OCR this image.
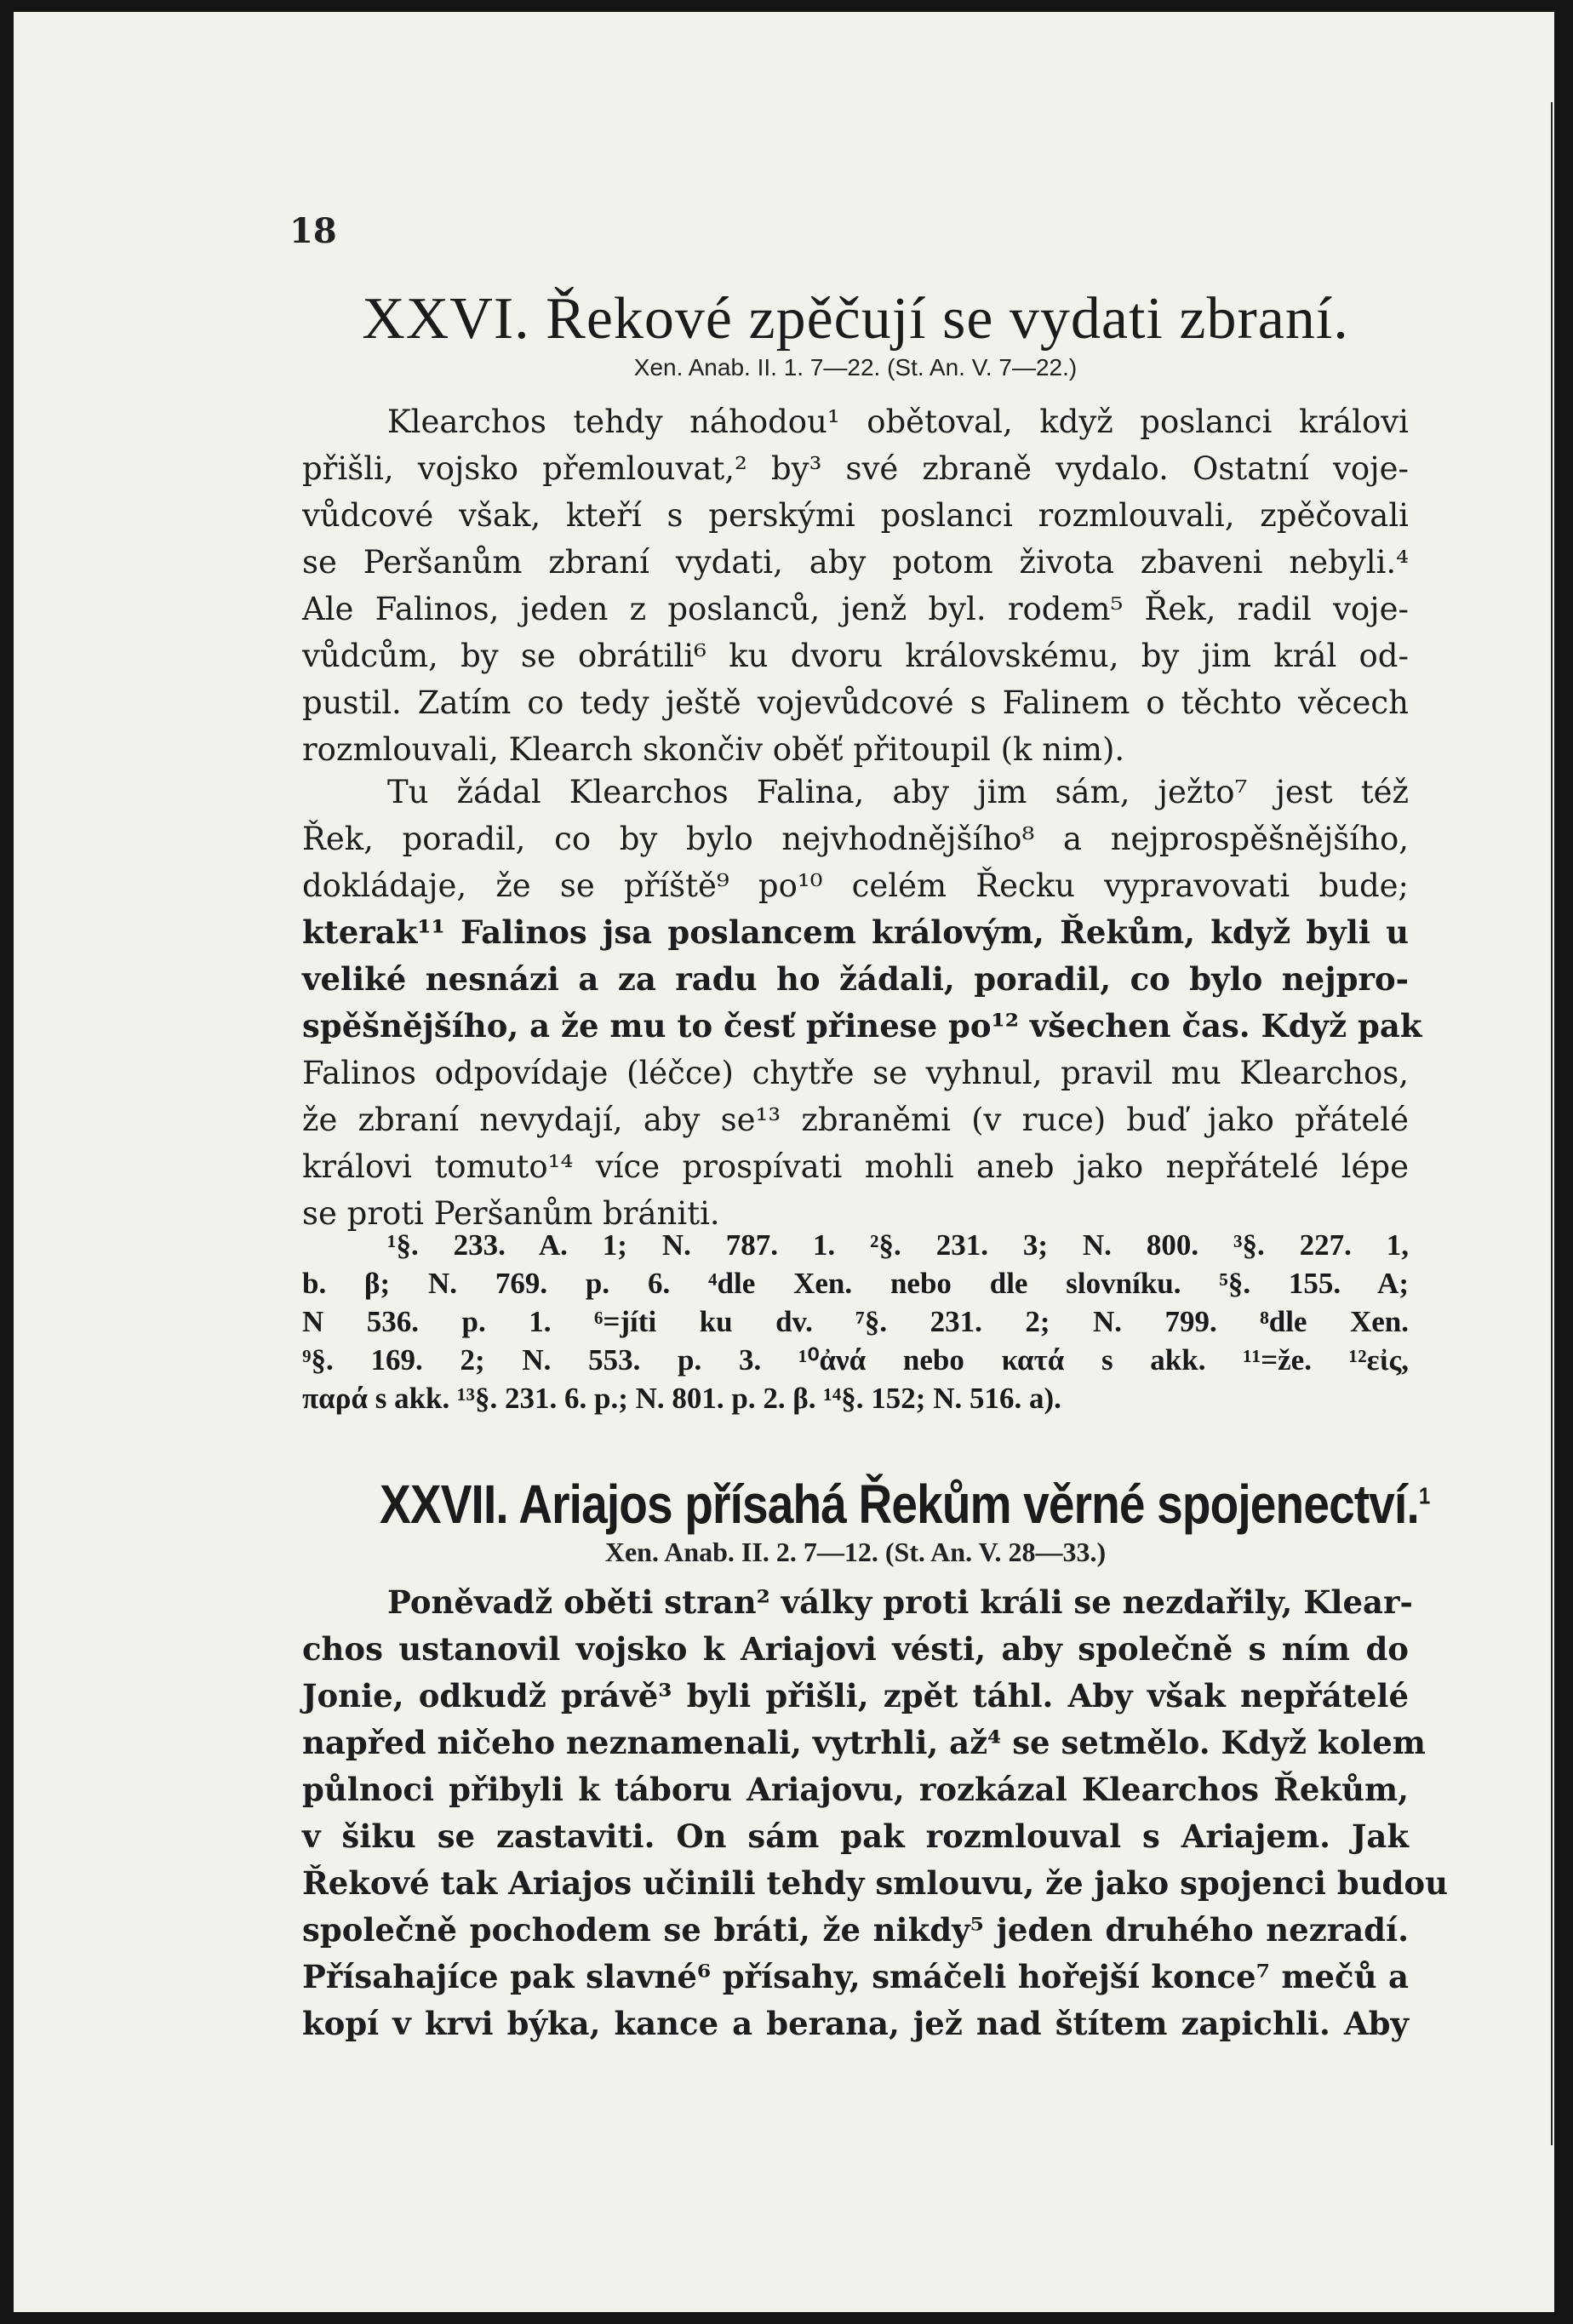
18
XXVI. Řekové zpěčují se vydati zbraní.
Xen. Anab. II. 1. 7—22. (St. An. V. 7—22.)
Klearchos tehdy náhodou¹ obětoval, když poslanci královi
přišli, vojsko přemlouvat,² by³ své zbraně vydalo. Ostatní voje-
vůdcové však, kteří s perskými poslanci rozmlouvali, zpěčovali
se Peršanům zbraní vydati, aby potom života zbaveni nebyli.⁴
Ale Falinos, jeden z poslanců, jenž byl. rodem⁵ Řek, radil voje-
vůdcům, by se obrátili⁶ ku dvoru královskému, by jim král od-
pustil. Zatím co tedy ještě vojevůdcové s Falinem o těchto věcech
rozmlouvali, Klearch skončiv oběť přitoupil (k nim).
Tu žádal Klearchos Falina, aby jim sám, ježto⁷ jest též
Řek, poradil, co by bylo nejvhodnějšího⁸ a nejprospěšnějšího,
dokládaje, že se příště⁹ po¹⁰ celém Řecku vypravovati bude;
kterak¹¹ Falinos jsa poslancem královým, Řekům, když byli u
veliké nesnázi a za radu ho žádali, poradil, co bylo nejpro-
spěšnějšího, a že mu to česť přinese po¹² všechen čas. Když pak
Falinos odpovídaje (léčce) chytře se vyhnul, pravil mu Klearchos,
že zbraní nevydají, aby se¹³ zbraněmi (v ruce) buď jako přátelé
královi tomuto¹⁴ více prospívati mohli aneb jako nepřátelé lépe
se proti Peršanům brániti.
¹§. 233. A. 1; N. 787. 1. ²§. 231. 3; N. 800. ³§. 227. 1,
b. β; N. 769. p. 6. ⁴dle Xen. nebo dle slovníku. ⁵§. 155. A;
N 536. p. 1. ⁶=jíti ku dv. ⁷§. 231. 2; N. 799. ⁸dle Xen.
⁹§. 169. 2; N. 553. p. 3. ¹⁰ἀνά nebo κατά s akk. ¹¹=že. ¹²εἰς,
παρά s akk. ¹³§. 231. 6. p.; N. 801. p. 2. β. ¹⁴§. 152; N. 516. a).
XXVII. Ariajos přísahá Řekům věrné spojenectví.$^1$
Xen. Anab. II. 2. 7—12. (St. An. V. 28—33.)
Poněvadž oběti stran² války proti králi se nezdařily, Klear-
chos ustanovil vojsko k Ariajovi vésti, aby společně s ním do
Jonie, odkudž právě³ byli přišli, zpět táhl. Aby však nepřátelé
napřed ničeho neznamenali, vytrhli, až⁴ se setmělo. Když kolem
půlnoci přibyli k táboru Ariajovu, rozkázal Klearchos Řekům,
v šiku se zastaviti. On sám pak rozmlouval s Ariajem. Jak
Řekové tak Ariajos učinili tehdy smlouvu, že jako spojenci budou
společně pochodem se bráti, že nikdy⁵ jeden druhého nezradí.
Přísahajíce pak slavné⁶ přísahy, smáčeli hořejší konce⁷ mečů a
kopí v krvi býka, kance a berana, jež nad štítem zapichli. Aby
